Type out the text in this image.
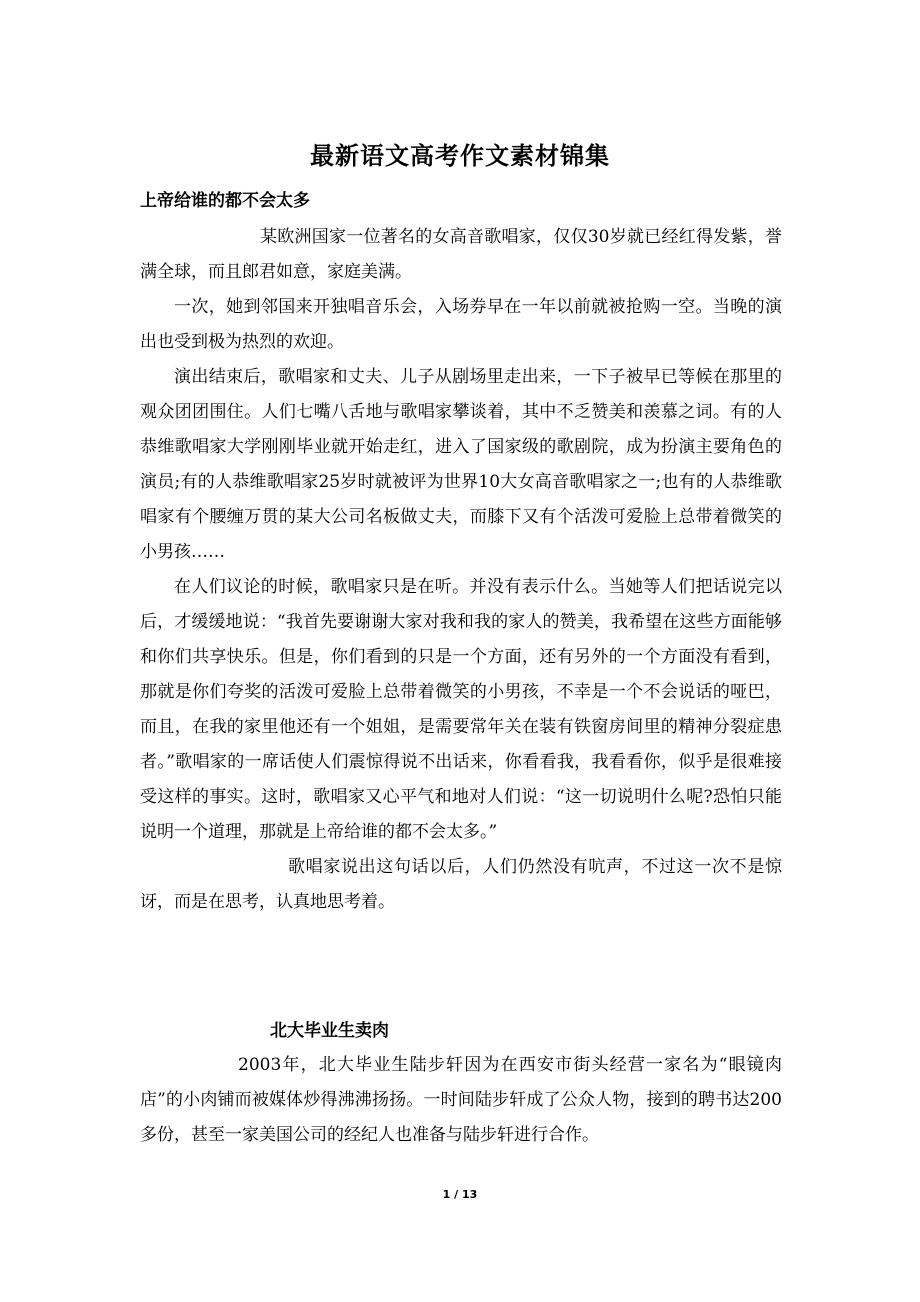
最新语文高考作文素材锦集
上帝给谁的都不会太多

某欧洲国家一位著名的女高音歌唱家，仅仅30岁就已经红得发紫，誉满全球，而且郎君如意，家庭美满。

一次，她到邻国来开独唱音乐会，入场券早在一年以前就被抢购一空。当晚的演出也受到极为热烈的欢迎。

演出结束后，歌唱家和丈夫、儿子从剧场里走出来，一下子被早已等候在那里的观众团团围住。人们七嘴八舌地与歌唱家攀谈着，其中不乏赞美和羡慕之词。有的人恭维歌唱家大学刚刚毕业就开始走红，进入了国家级的歌剧院，成为扮演主要角色的演员;有的人恭维歌唱家25岁时就被评为世界10大女高音歌唱家之一;也有的人恭维歌唱家有个腰缠万贯的某大公司名板做丈夫，而膝下又有个活泼可爱脸上总带着微笑的小男孩……

在人们议论的时候，歌唱家只是在听。并没有表示什么。当她等人们把话说完以后，才缓缓地说：“我首先要谢谢大家对我和我的家人的赞美，我希望在这些方面能够和你们共享快乐。但是，你们看到的只是一个方面，还有另外的一个方面没有看到，那就是你们夸奖的活泼可爱脸上总带着微笑的小男孩，不幸是一个不会说话的哑巴，而且，在我的家里他还有一个姐姐，是需要常年关在装有铁窗房间里的精神分裂症患者。”歌唱家的一席话使人们震惊得说不出话来，你看看我，我看看你，似乎是很难接受这样的事实。这时，歌唱家又心平气和地对人们说：“这一切说明什么呢?恐怕只能说明一个道理，那就是上帝给谁的都不会太多。”

歌唱家说出这句话以后，人们仍然没有吭声，不过这一次不是惊讶，而是在思考，认真地思考着。

北大毕业生卖肉

2003年，北大毕业生陆步轩因为在西安市街头经营一家名为“眼镜肉店”的小肉铺而被媒体炒得沸沸扬扬。一时间陆步轩成了公众人物，接到的聘书达200多份，甚至一家美国公司的经纪人也准备与陆步轩进行合作。

1 / 13
